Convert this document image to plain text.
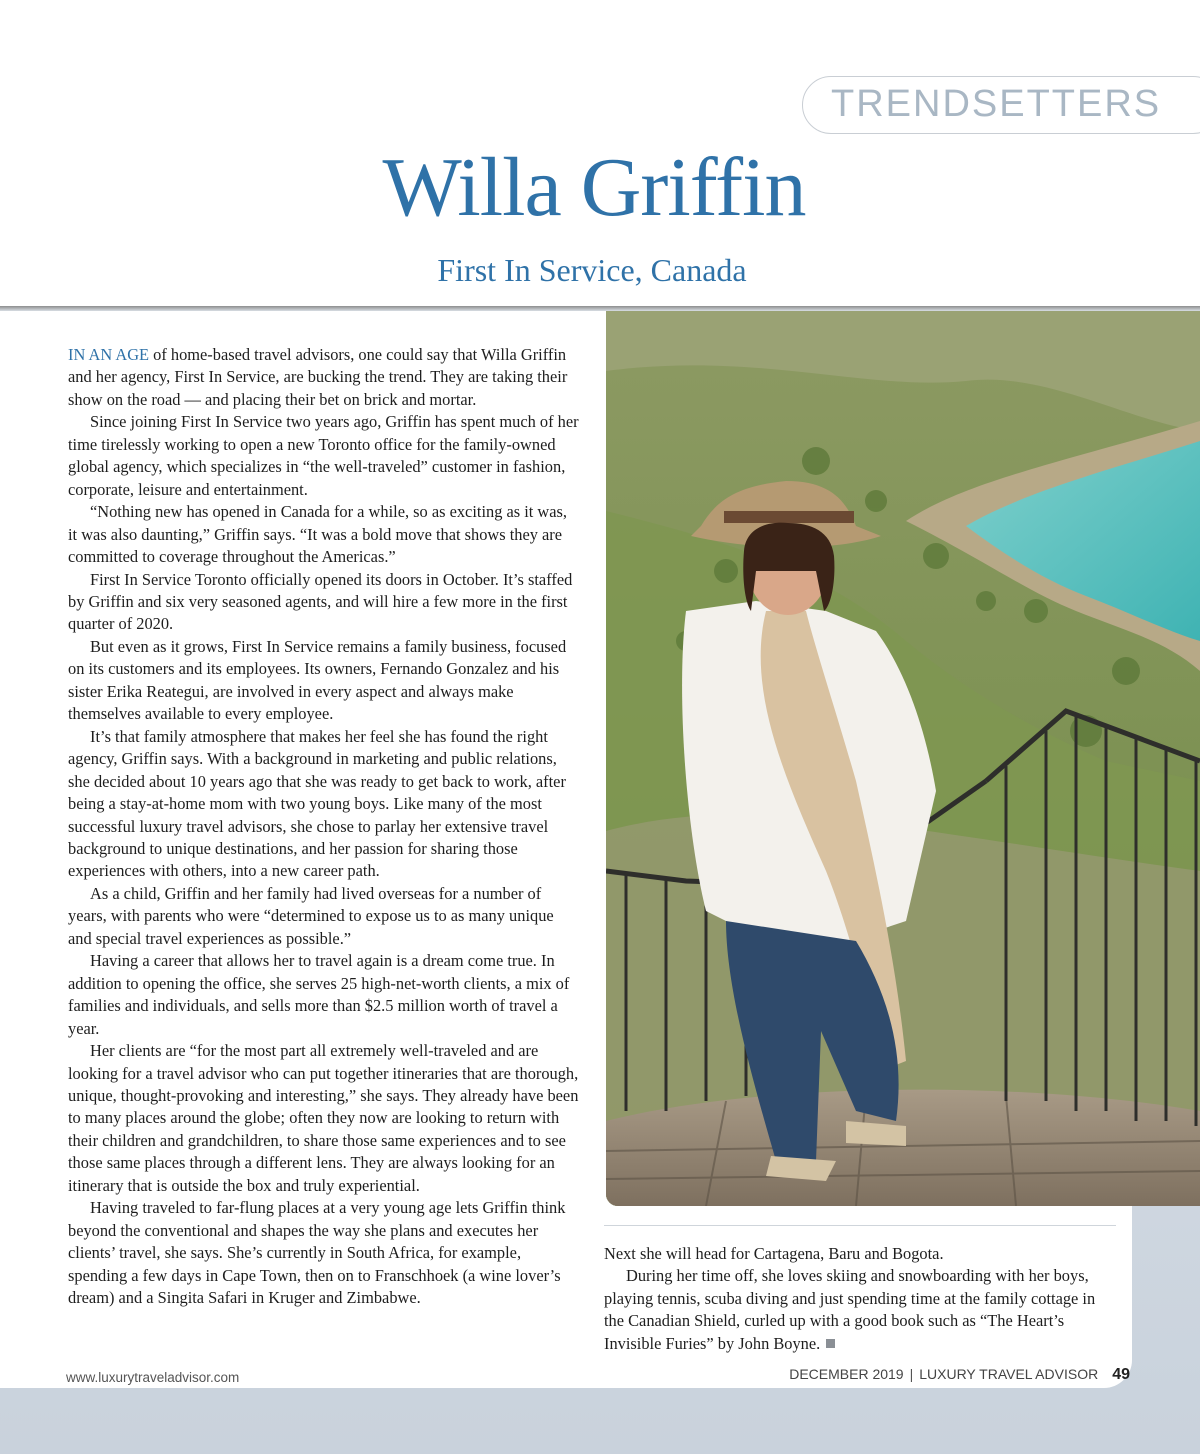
TRENDSETTERS
Willa Griffin
First In Service, Canada

IN AN AGE of home-based travel advisors, one could say that Willa Griffin and her agency, First In Service, are bucking the trend. They are taking their show on the road — and placing their bet on brick and mortar.

Since joining First In Service two years ago, Griffin has spent much of her time tirelessly working to open a new Toronto office for the family-owned global agency, which specializes in “the well-traveled” customer in fashion, corporate, leisure and entertainment.

“Nothing new has opened in Canada for a while, so as exciting as it was, it was also daunting,” Griffin says. “It was a bold move that shows they are committed to coverage throughout the Americas.”

First In Service Toronto officially opened its doors in October. It’s staffed by Griffin and six very seasoned agents, and will hire a few more in the first quarter of 2020.

But even as it grows, First In Service remains a family business, focused on its customers and its employees. Its owners, Fernando Gonzalez and his sister Erika Reategui, are involved in every aspect and always make themselves available to every employee.

It’s that family atmosphere that makes her feel she has found the right agency, Griffin says. With a background in marketing and public relations, she decided about 10 years ago that she was ready to get back to work, after being a stay-at-home mom with two young boys. Like many of the most successful luxury travel advisors, she chose to parlay her extensive travel background to unique destinations, and her passion for sharing those experiences with others, into a new career path.

As a child, Griffin and her family had lived overseas for a number of years, with parents who were “determined to expose us to as many unique and special travel experiences as possible.”

Having a career that allows her to travel again is a dream come true. In addition to opening the office, she serves 25 high-net-worth clients, a mix of families and individuals, and sells more than $2.5 million worth of travel a year.

Her clients are “for the most part all extremely well-traveled and are looking for a travel advisor who can put together itineraries that are thorough, unique, thought-provoking and interesting,” she says. They already have been to many places around the globe; often they now are looking to return with their children and grandchildren, to share those same experiences and to see those same places through a different lens. They are always looking for an itinerary that is outside the box and truly experiential.

Having traveled to far-flung places at a very young age lets Griffin think beyond the conventional and shapes the way she plans and executes her clients’ travel, she says. She’s currently in South Africa, for example, spending a few days in Cape Town, then on to Franschhoek (a wine lover’s dream) and a Singita Safari in Kruger and Zimbabwe.

Next she will head for Cartagena, Baru and Bogota.

During her time off, she loves skiing and snowboarding with her boys, playing tennis, scuba diving and just spending time at the family cottage in the Canadian Shield, curled up with a good book such as “The Heart’s Invisible Furies” by John Boyne.

www.luxurytraveladvisor.com	DECEMBER 2019 | LUXURY TRAVEL ADVISOR 49
